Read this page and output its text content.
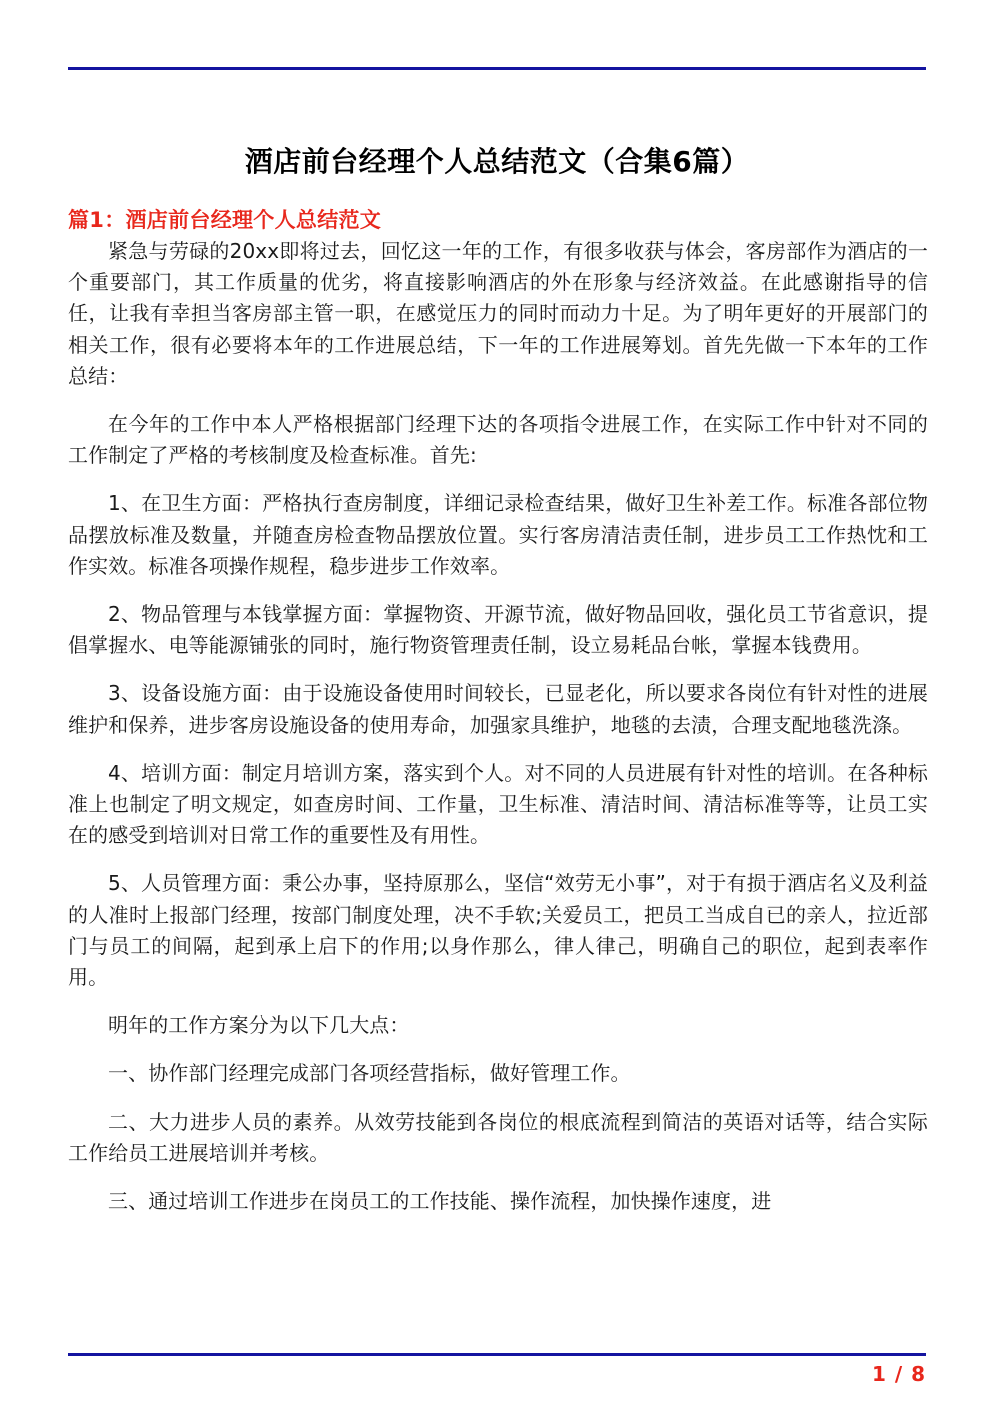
酒店前台经理个人总结范文（合集6篇）
篇1：酒店前台经理个人总结范文

紧急与劳碌的20xx即将过去，回忆这一年的工作，有很多收获与体会，客房部作为酒店的一个重要部门，其工作质量的优劣，将直接影响酒店的外在形象与经济效益。在此感谢指导的信任，让我有幸担当客房部主管一职，在感觉压力的同时而动力十足。为了明年更好的开展部门的相关工作，很有必要将本年的工作进展总结，下一年的工作进展筹划。首先先做一下本年的工作总结：

在今年的工作中本人严格根据部门经理下达的各项指令进展工作，在实际工作中针对不同的工作制定了严格的考核制度及检查标准。首先:

1、在卫生方面：严格执行查房制度，详细记录检查结果，做好卫生补差工作。标准各部位物品摆放标准及数量，并随查房检查物品摆放位置。实行客房清洁责任制，进步员工工作热忱和工作实效。标准各项操作规程，稳步进步工作效率。

2、物品管理与本钱掌握方面：掌握物资、开源节流，做好物品回收，强化员工节省意识，提倡掌握水、电等能源铺张的同时，施行物资管理责任制，设立易耗品台帐，掌握本钱费用。

3、设备设施方面：由于设施设备使用时间较长，已显老化，所以要求各岗位有针对性的进展维护和保养，进步客房设施设备的使用寿命，加强家具维护，地毯的去渍，合理支配地毯洗涤。

4、培训方面：制定月培训方案，落实到个人。对不同的人员进展有针对性的培训。在各种标准上也制定了明文规定，如查房时间、工作量，卫生标准、清洁时间、清洁标准等等，让员工实在的感受到培训对日常工作的重要性及有用性。

5、人员管理方面：秉公办事，坚持原那么，坚信“效劳无小事”，对于有损于酒店名义及利益的人准时上报部门经理，按部门制度处理，决不手软;关爱员工，把员工当成自已的亲人，拉近部门与员工的间隔，起到承上启下的作用;以身作那么，律人律己，明确自己的职位，起到表率作用。

明年的工作方案分为以下几大点：

一、协作部门经理完成部门各项经营指标，做好管理工作。

二、大力进步人员的素养。从效劳技能到各岗位的根底流程到简洁的英语对话等，结合实际工作给员工进展培训并考核。

三、通过培训工作进步在岗员工的工作技能、操作流程，加快操作速度，进

1 / 8
